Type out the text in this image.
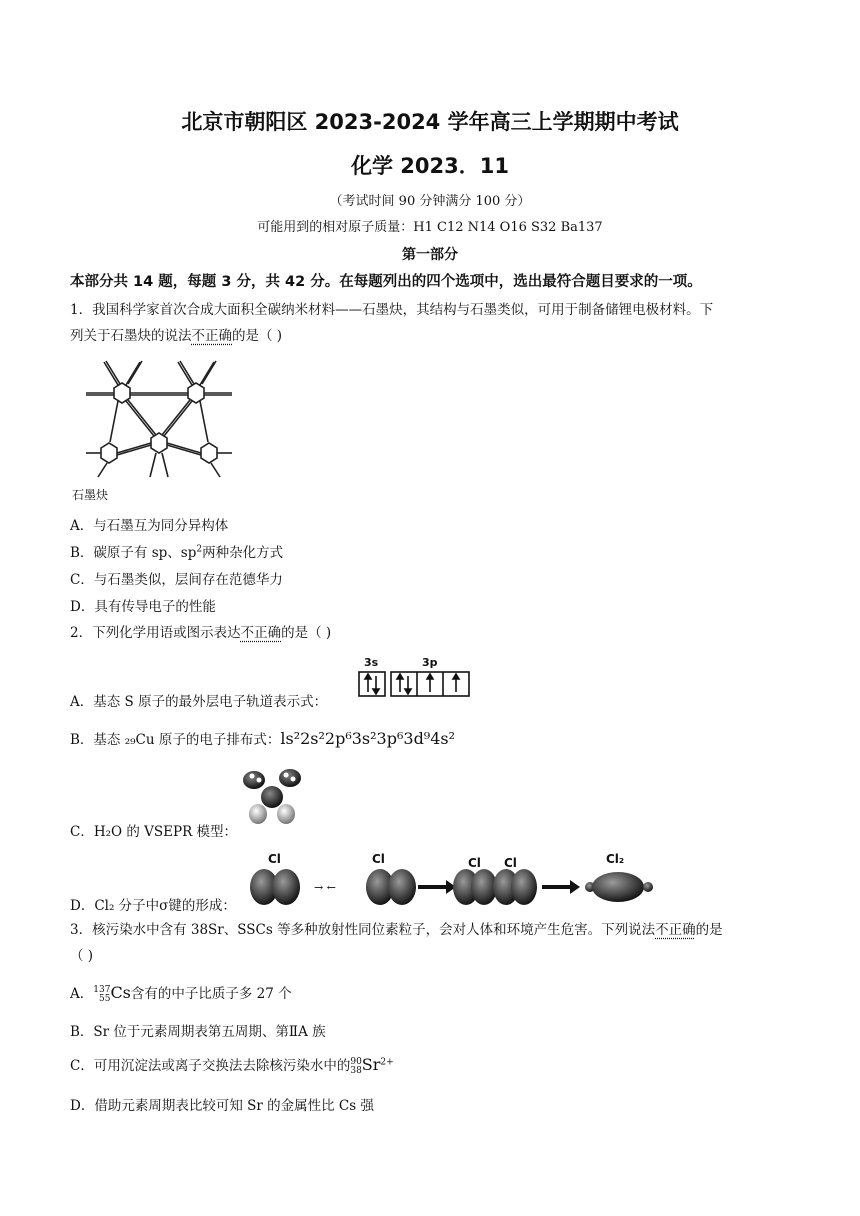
北京市朝阳区 2023-2024 学年高三上学期期中考试
化学 2023．11
（考试时间 90 分钟满分 100 分）
可能用到的相对原子质量：H1 C12 N14 O16 S32 Ba137
第一部分
本部分共 14 题，每题 3 分，共 42 分。在每题列出的四个选项中，选出最符合题目要求的一项。
1．我国科学家首次合成大面积全碳纳米材料——石墨炔，其结构与石墨类似，可用于制备储锂电极材料。下
列关于石墨炔的说法不正确的是（ )
石墨炔
A．与石墨互为同分异构体
B．碳原子有 sp、$sp^2$两种杂化方式
C．与石墨类似，层间存在范德华力
D．具有传导电子的性能
2．下列化学用语或图示表达不正确的是（ )
A．基态 S 原子的最外层电子轨道表示式：
3s	3p
B．基态 ₂₉Cu 原子的电子排布式：ls²2s²2p⁶3s²3p⁶3d⁹4s²
C．H₂O 的 VSEPR 模型：
Cl	Cl	Cl Cl	Cl₂
→ ←
D．Cl₂ 分子中σ键的形成：
3．核污染水中含有 38Sr、SSCs 等多种放射性同位素粒子，会对人体和环境产生危害。下列说法不正确的是
（ )
A．137
55Cs含有的中子比质子多 27 个
B．Sr 位于元素周期表第五周期、第ⅡA 族
C．可用沉淀法或离子交换法去除核污染水中的90
$38Sr^{2+}$
D．借助元素周期表比较可知 Sr 的金属性比 Cs 强
